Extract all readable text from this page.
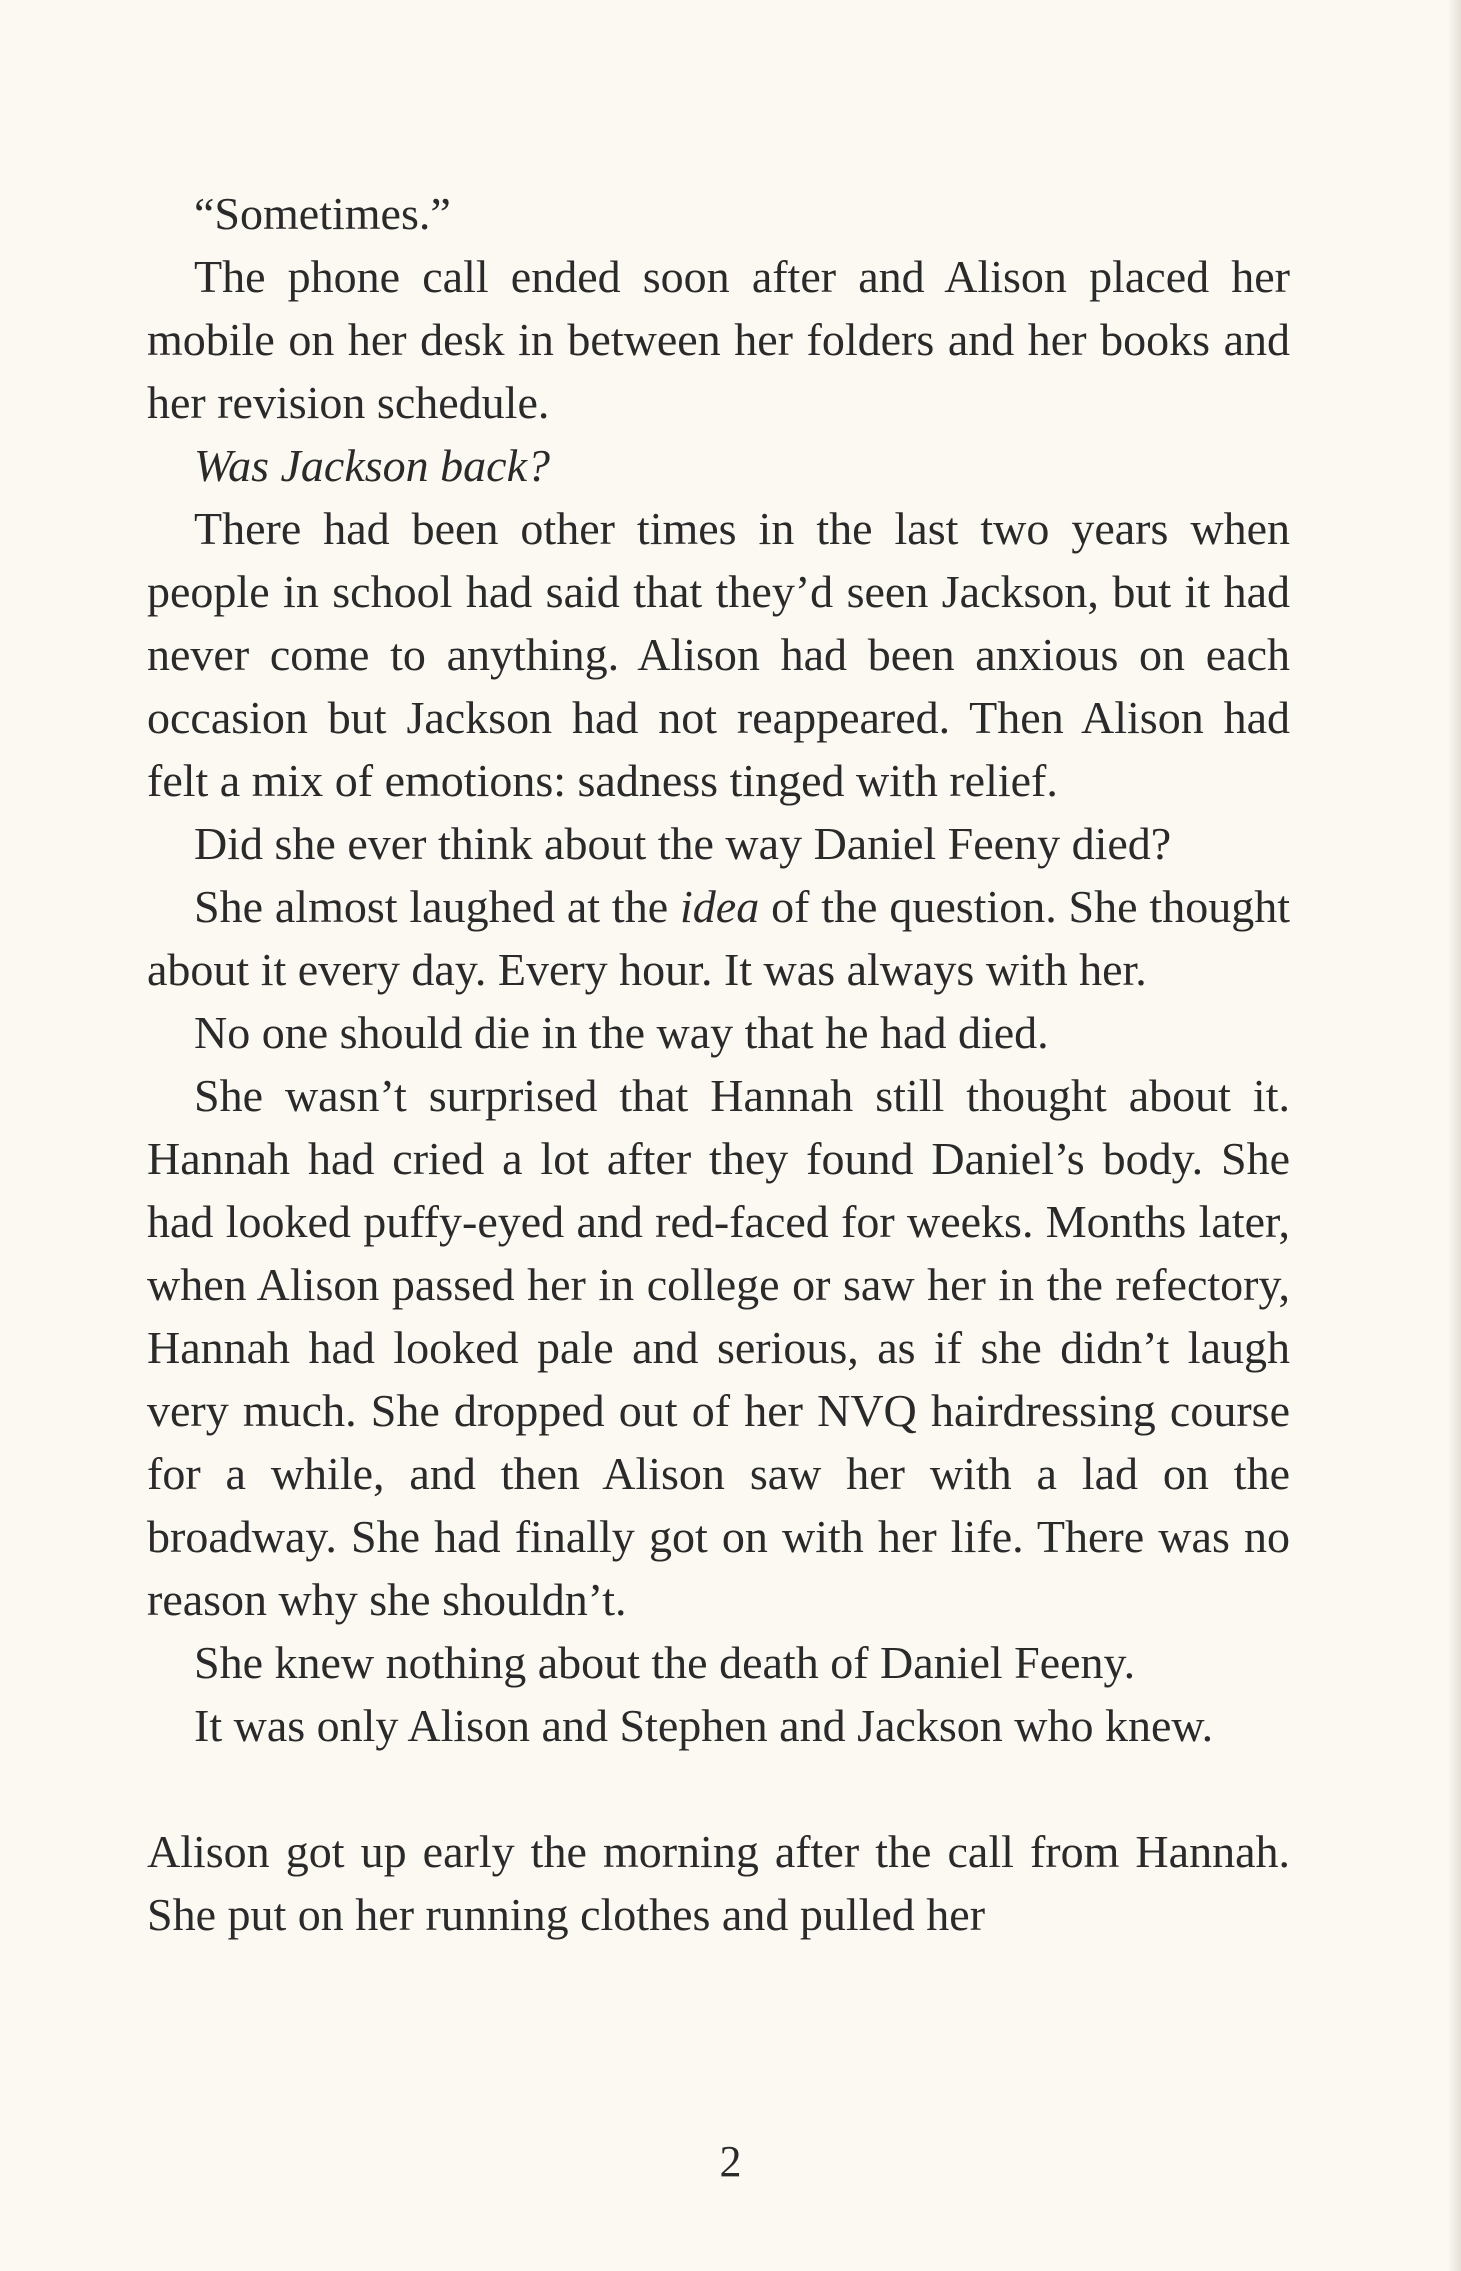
“Sometimes.”

The phone call ended soon after and Alison placed her mobile on her desk in between her folders and her books and her revision schedule.

Was Jackson back?

There had been other times in the last two years when people in school had said that they’d seen Jackson, but it had never come to anything. Alison had been anxious on each occasion but Jackson had not reappeared. Then Alison had felt a mix of emotions: sadness tinged with relief.

Did she ever think about the way Daniel Feeny died?

She almost laughed at the idea of the question. She thought about it every day. Every hour. It was always with her.

No one should die in the way that he had died.

She wasn’t surprised that Hannah still thought about it. Hannah had cried a lot after they found Daniel’s body. She had looked puffy-eyed and red-faced for weeks. Months later, when Alison passed her in college or saw her in the refectory, Hannah had looked pale and serious, as if she didn’t laugh very much. She dropped out of her NVQ hairdressing course for a while, and then Alison saw her with a lad on the broadway. She had finally got on with her life. There was no reason why she shouldn’t.

She knew nothing about the death of Daniel Feeny.

It was only Alison and Stephen and Jackson who knew.

Alison got up early the morning after the call from Hannah. She put on her running clothes and pulled her

2
